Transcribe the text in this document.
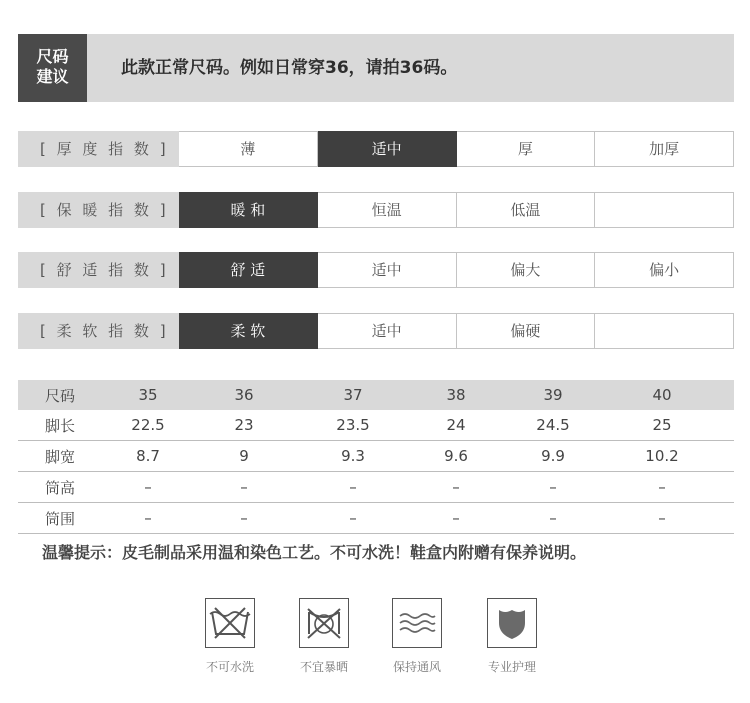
尺码
建议	此款正常尺码。例如日常穿36，请拍36码。
[ 厚 度 指 数 ]	薄	适中	厚	加厚
[ 保 暖 指 数 ]	暖 和	恒温	低温
[ 舒 适 指 数 ]	舒 适	适中	偏大	偏小
[ 柔 软 指 数 ]	柔 软	适中	偏硬
尺码	35	36	37	38	39	40
脚长	22.5	23	23.5	24	24.5	25
脚宽	8.7	9	9.3	9.6	9.9	10.2
筒高	–	–	–	–	–	–
筒围	–	–	–	–	–	–
温馨提示：皮毛制品采用温和染色工艺。不可水洗！鞋盒内附赠有保养说明。
不可水洗	不宜暴晒	保持通风	专业护理
